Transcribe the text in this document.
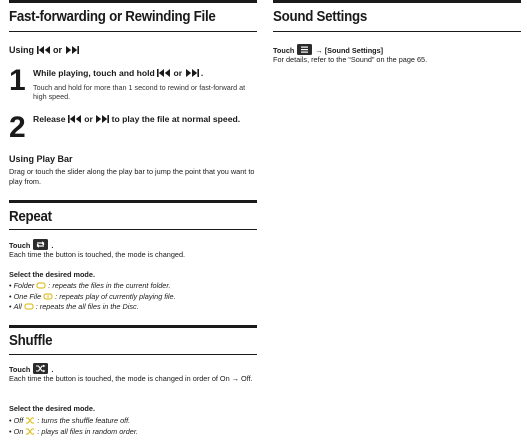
Fast-forwarding or Rewinding File
Using or
1 While playing, touch and hold or .
Touch and hold for more than 1 second to rewind or fast-forward at high speed.
2 Release or to play the file at normal speed.
Using Play Bar
Drag or touch the slider along the play bar to jump the point that you want to play from.
Repeat
Touch	.
Each time the button is touched, the mode is changed.
Select the desired mode.
• Folder : repeats the files in the current folder.
• One File : repeats play of currently playing file.
• All : repeats the all files in the Disc.
Shuffle
Touch	.
Each time the button is touched, the mode is changed in order of On → Off.
Select the desired mode.
• Off : turns the shuffle feature off.
• On : plays all files in random order.
Sound Settings
Touch	→ [Sound Settings]
For details, refer to the “Sound” on the page 65.
